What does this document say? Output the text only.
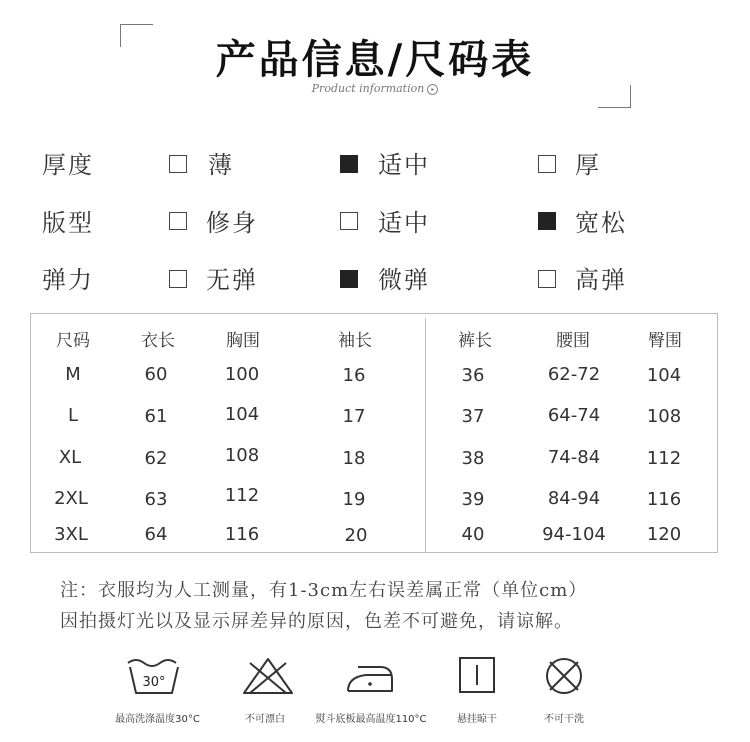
产品信息/尺码表
Product information ▸
厚度	薄	适中	厚
版型	修身	适中	宽松
弹力	无弹	微弹	高弹
尺码	衣长	胸围	袖长	裤长	腰围	臀围
M	60	100	16	36	62-72	104
L	61	104	17	37	64-74	108
XL	62	108	18	38	74-84	112
2XL	63	112	19	39	84-94	116
3XL	64	116	20	40	94-104	120
注：衣服均为人工测量，有1-3cm左右误差属正常（单位cm）
因拍摄灯光以及显示屏差异的原因，色差不可避免，请谅解。
30°
最高洗涤温度30°C	不可漂白	熨斗底板最高温度110°C	悬挂晾干	不可干洗
